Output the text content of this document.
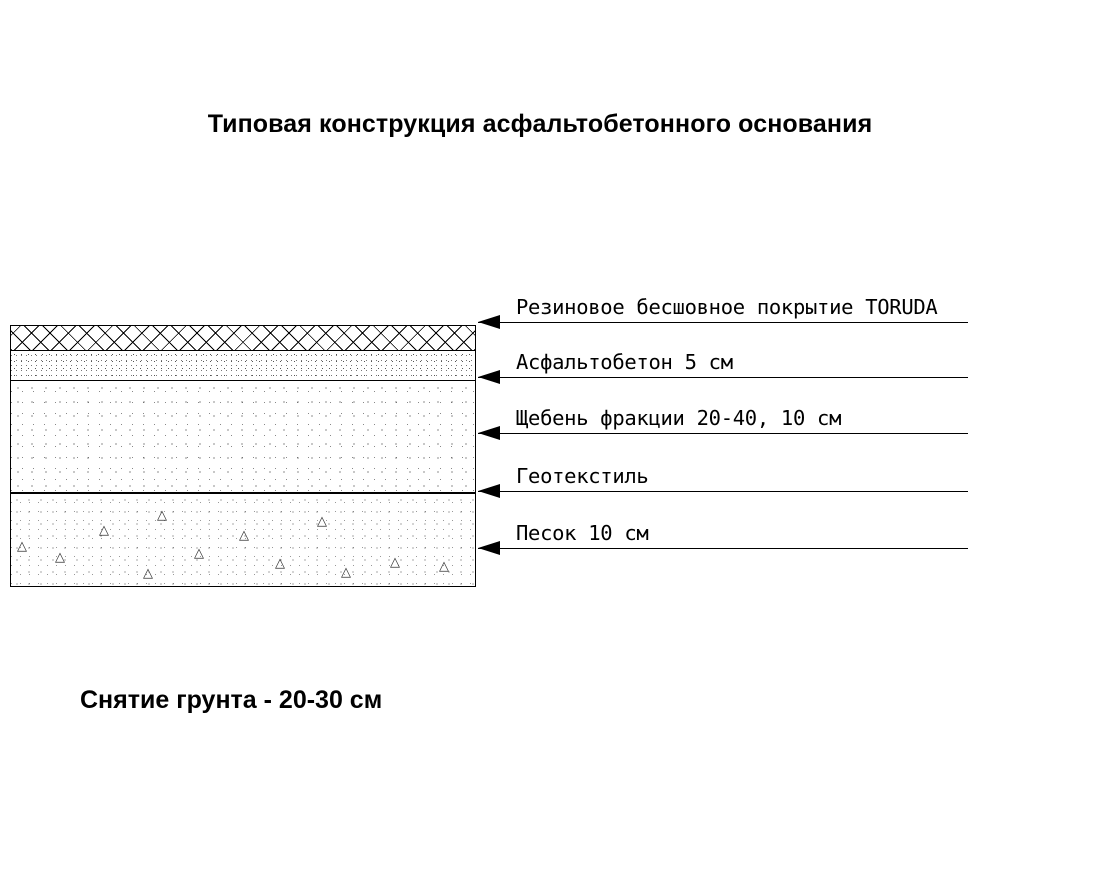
Типовая конструкция асфальтобетонного основания
△
△
△
△
△
△
△
△
△
△
△	△
Резиновое бесшовное покрытие TORUDA
Асфальтобетон 5 см
Щебень фракции 20-40, 10 см
Геотекстиль
Песок 10 см
Снятие грунта - 20-30 см
